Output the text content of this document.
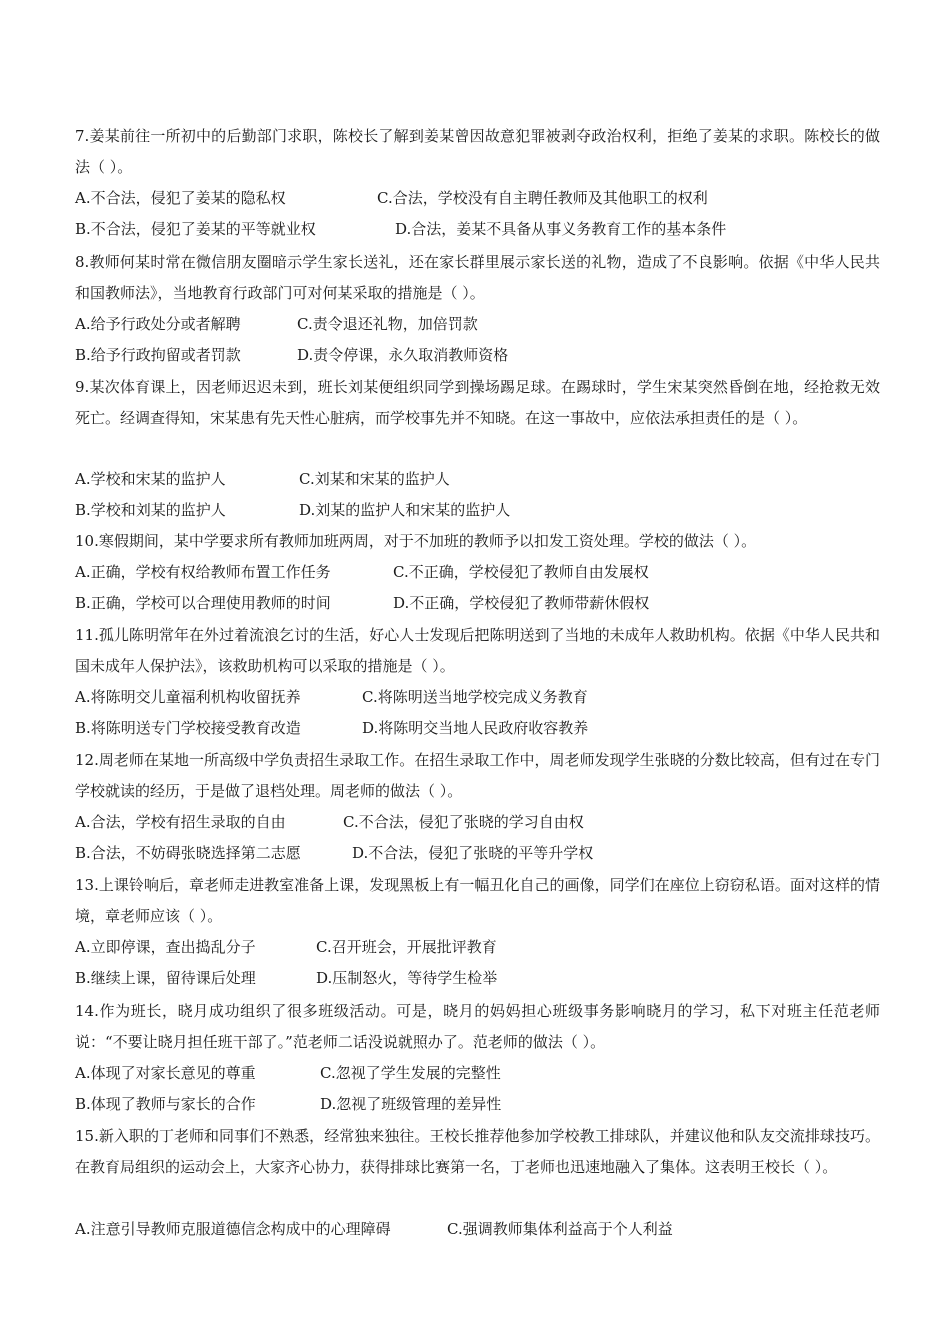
7.姜某前往一所初中的后勤部门求职，陈校长了解到姜某曾因故意犯罪被剥夺政治权利，拒绝了姜某的求职。陈校长的做法（ ）。
A.不合法，侵犯了姜某的隐私权	C.合法，学校没有自主聘任教师及其他职工的权利
B.不合法，侵犯了姜某的平等就业权	D.合法，姜某不具备从事义务教育工作的基本条件
8.教师何某时常在微信朋友圈暗示学生家长送礼，还在家长群里展示家长送的礼物，造成了不良影响。依据《中华人民共和国教师法》，当地教育行政部门可对何某采取的措施是（ ）。
A.给予行政处分或者解聘	C.责令退还礼物，加倍罚款
B.给予行政拘留或者罚款	D.责令停课，永久取消教师资格
9.某次体育课上，因老师迟迟未到，班长刘某便组织同学到操场踢足球。在踢球时，学生宋某突然昏倒在地，经抢救无效死亡。经调查得知，宋某患有先天性心脏病，而学校事先并不知晓。在这一事故中，应依法承担责任的是（ ）。
A.学校和宋某的监护人	C.刘某和宋某的监护人
B.学校和刘某的监护人	D.刘某的监护人和宋某的监护人
10.寒假期间，某中学要求所有教师加班两周，对于不加班的教师予以扣发工资处理。学校的做法（ ）。
A.正确，学校有权给教师布置工作任务	C.不正确，学校侵犯了教师自由发展权
B.正确，学校可以合理使用教师的时间	D.不正确，学校侵犯了教师带薪休假权
11.孤儿陈明常年在外过着流浪乞讨的生活，好心人士发现后把陈明送到了当地的未成年人救助机构。依据《中华人民共和国未成年人保护法》，该救助机构可以采取的措施是（ ）。
A.将陈明交儿童福利机构收留抚养	C.将陈明送当地学校完成义务教育
B.将陈明送专门学校接受教育改造	D.将陈明交当地人民政府收容教养
12.周老师在某地一所高级中学负责招生录取工作。在招生录取工作中，周老师发现学生张晓的分数比较高，但有过在专门学校就读的经历，于是做了退档处理。周老师的做法（ ）。
A.合法，学校有招生录取的自由	C.不合法，侵犯了张晓的学习自由权
B.合法，不妨碍张晓选择第二志愿	D.不合法，侵犯了张晓的平等升学权
13.上课铃响后，章老师走进教室准备上课，发现黑板上有一幅丑化自己的画像，同学们在座位上窃窃私语。面对这样的情境，章老师应该（ ）。
A.立即停课，查出捣乱分子	C.召开班会，开展批评教育
B.继续上课，留待课后处理	D.压制怒火，等待学生检举
14.作为班长，晓月成功组织了很多班级活动。可是，晓月的妈妈担心班级事务影响晓月的学习，私下对班主任范老师说：“不要让晓月担任班干部了。”范老师二话没说就照办了。范老师的做法（ ）。
A.体现了对家长意见的尊重	C.忽视了学生发展的完整性
B.体现了教师与家长的合作	D.忽视了班级管理的差异性
15.新入职的丁老师和同事们不熟悉，经常独来独往。王校长推荐他参加学校教工排球队，并建议他和队友交流排球技巧。在教育局组织的运动会上，大家齐心协力，获得排球比赛第一名，丁老师也迅速地融入了集体。这表明王校长（ ）。
A.注意引导教师克服道德信念构成中的心理障碍	C.强调教师集体利益高于个人利益
